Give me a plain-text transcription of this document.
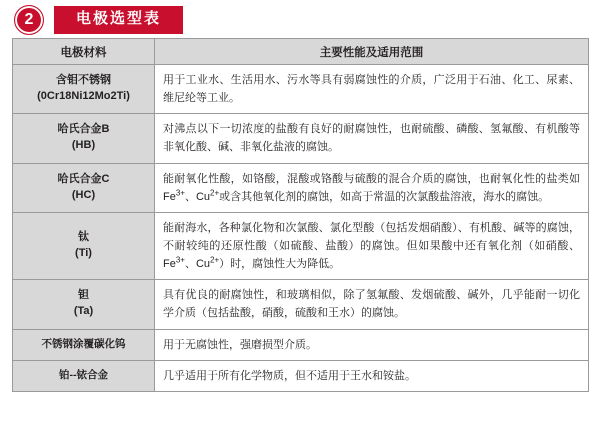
2	电极选型表
电极材料	主要性能及适用范围

含钼不锈钢
(0Cr18Ni12Mo2Ti)	用于工业水、生活用水、污水等具有弱腐蚀性的介质，广泛用于石油、化工、尿素、维尼纶等工业。

哈氏合金B
(HB)	对沸点以下一切浓度的盐酸有良好的耐腐蚀性，也耐硫酸、磷酸、氢氟酸、有机酸等非氧化酸、碱、非氧化盐液的腐蚀。

哈氏合金C
(HC)	能耐氧化性酸，如铬酸，混酸或铬酸与硫酸的混合介质的腐蚀，也耐氧化性的盐类如$Fe^{3+}$、$Cu^{2+}$或含其他氧化剂的腐蚀，如高于常温的次氯酸盐溶液，海水的腐蚀。

钛
(Ti)	能耐海水，各种氯化物和次氯酸、氯化型酸（包括发烟硝酸）、有机酸、碱等的腐蚀，不耐较纯的还原性酸（如硫酸、盐酸）的腐蚀。但如果酸中还有氧化剂（如硝酸、$Fe^{3+}$、$Cu^{2+}$）时，腐蚀性大为降低。

钽
(Ta)	具有优良的耐腐蚀性，和玻璃相似，除了氢氟酸、发烟硫酸、碱外，几乎能耐一切化学介质（包括盐酸，硝酸，硫酸和王水）的腐蚀。
不锈钢涂覆碳化钨	用于无腐蚀性，强磨损型介质。
铂--铱合金	几乎适用于所有化学物质，但不适用于王水和铵盐。
